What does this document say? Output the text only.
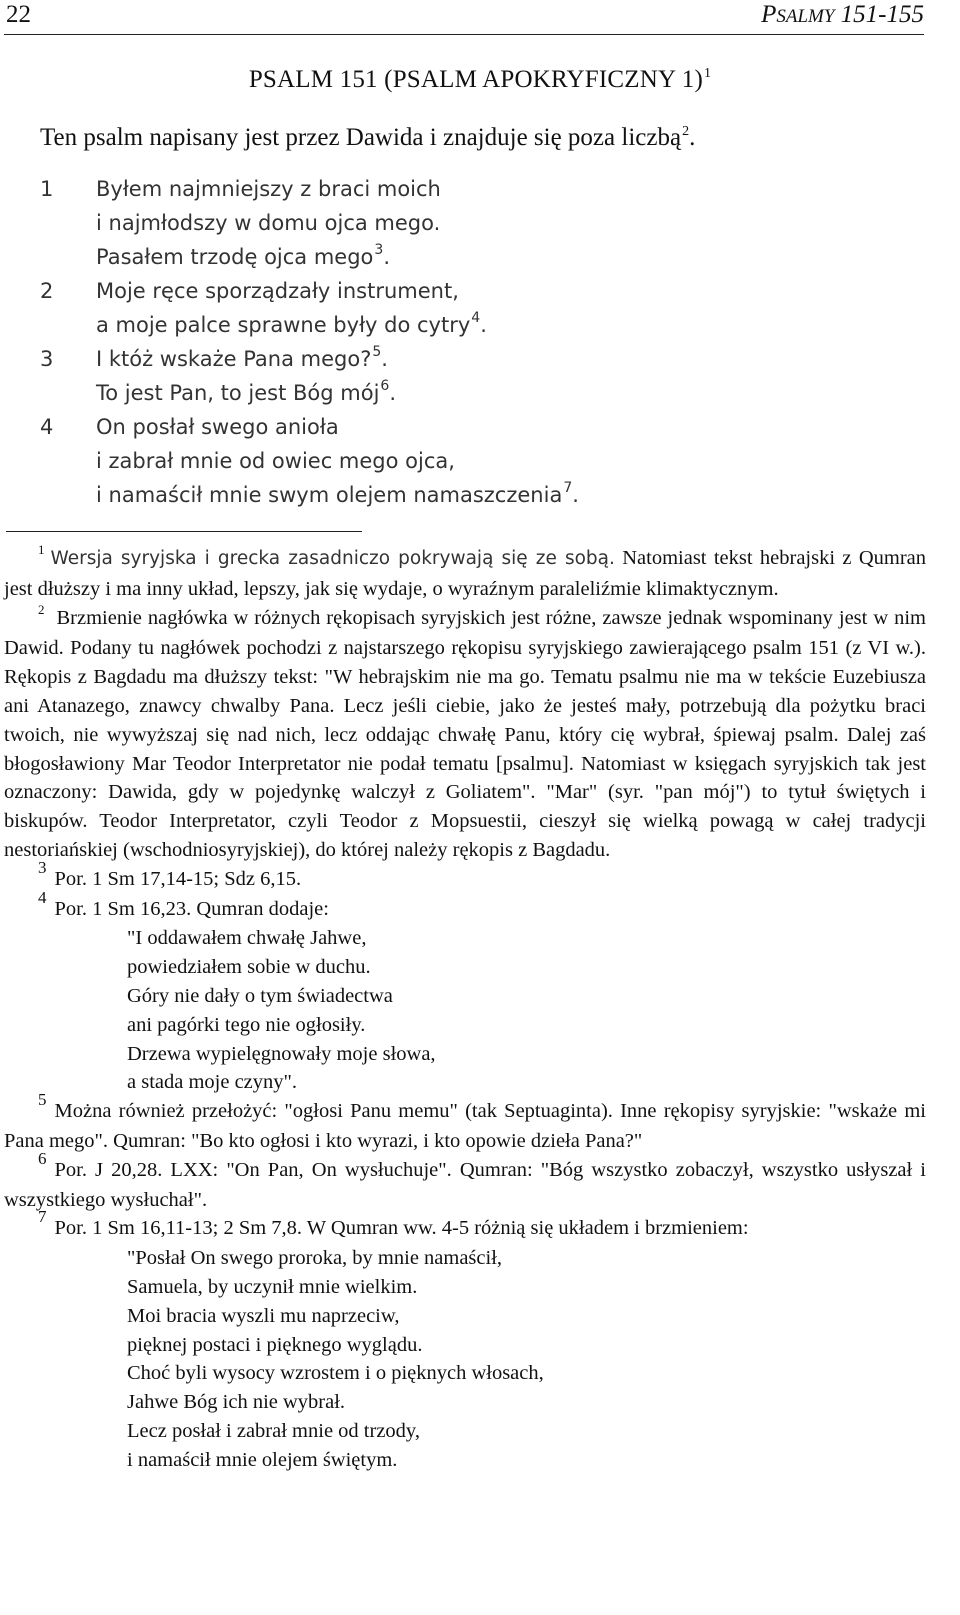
22	PSALMY 151-155
PSALM 151 (PSALM APOKRYFICZNY 1)$^1$
Ten psalm napisany jest przez Dawida i znajduje się poza liczbą$^2$.
1	Byłem najmniejszy z braci moich
i najmłodszy w domu ojca mego.
Pasałem trzodę ojca mego$^3$.
2	Moje ręce sporządzały instrument,
a moje palce sprawne były do cytry$^4$.
3	I któż wskaże Pana mego?$^5$.
To jest Pan, to jest Bóg mój$^6$.
4	On posłał swego anioła
i zabrał mnie od owiec mego ojca,
i namaścił mnie swym olejem namaszczenia$^7$.

$^1$ Wersja syryjska i grecka zasadniczo pokrywają się ze sobą. Natomiast tekst hebrajski z Qumran jest dłuższy i ma inny układ, lepszy, jak się wydaje, o wyraźnym paraleliźmie klimaktycznym.

$^2$ Brzmienie nagłówka w różnych rękopisach syryjskich jest różne, zawsze jednak wspominany jest w nim Dawid. Podany tu nagłówek pochodzi z najstarszego rękopisu syryjskiego zawierającego psalm 151 (z VI w.). Rękopis z Bagdadu ma dłuższy tekst: "W hebrajskim nie ma go. Tematu psalmu nie ma w tekście Euzebiusza ani Atanazego, znawcy chwalby Pana. Lecz jeśli ciebie, jako że jesteś mały, potrzebują dla pożytku braci twoich, nie wywyższaj się nad nich, lecz oddając chwałę Panu, który cię wybrał, śpiewaj psalm. Dalej zaś błogosławiony Mar Teodor Interpretator nie podał tematu [psalmu]. Natomiast w księgach syryjskich tak jest oznaczony: Dawida, gdy w pojedynkę walczył z Goliatem". "Mar" (syr. "pan mój") to tytuł świętych i biskupów. Teodor Interpretator, czyli Teodor z Mopsuestii, cieszył się wielką powagą w całej tradycji nestoriańskiej (wschodniosyryjskiej), do której należy rękopis z Bagdadu.

$^3$Por. 1 Sm 17,14-15; Sdz 6,15.

$^4$Por. 1 Sm 16,23. Qumran dodaje:

"I oddawałem chwałę Jahwe,
powiedziałem sobie w duchu.
Góry nie dały o tym świadectwa
ani pagórki tego nie ogłosiły.
Drzewa wypielęgnowały moje słowa,
a stada moje czyny".

$^5$Można również przełożyć: "ogłosi Panu memu" (tak Septuaginta). Inne rękopisy syryjskie: "wskaże mi Pana mego". Qumran: "Bo kto ogłosi i kto wyrazi, i kto opowie dzieła Pana?"

$^6$Por. J 20,28. LXX: "On Pan, On wysłuchuje". Qumran: "Bóg wszystko zobaczył, wszystko usłyszał i wszystkiego wysłuchał".

$^7$Por. 1 Sm 16,11-13; 2 Sm 7,8. W Qumran ww. 4-5 różnią się układem i brzmieniem:

"Posłał On swego proroka, by mnie namaścił,
Samuela, by uczynił mnie wielkim.
Moi bracia wyszli mu naprzeciw,
pięknej postaci i pięknego wyglądu.
Choć byli wysocy wzrostem i o pięknych włosach,
Jahwe Bóg ich nie wybrał.
Lecz posłał i zabrał mnie od trzody,
i namaścił mnie olejem świętym.
